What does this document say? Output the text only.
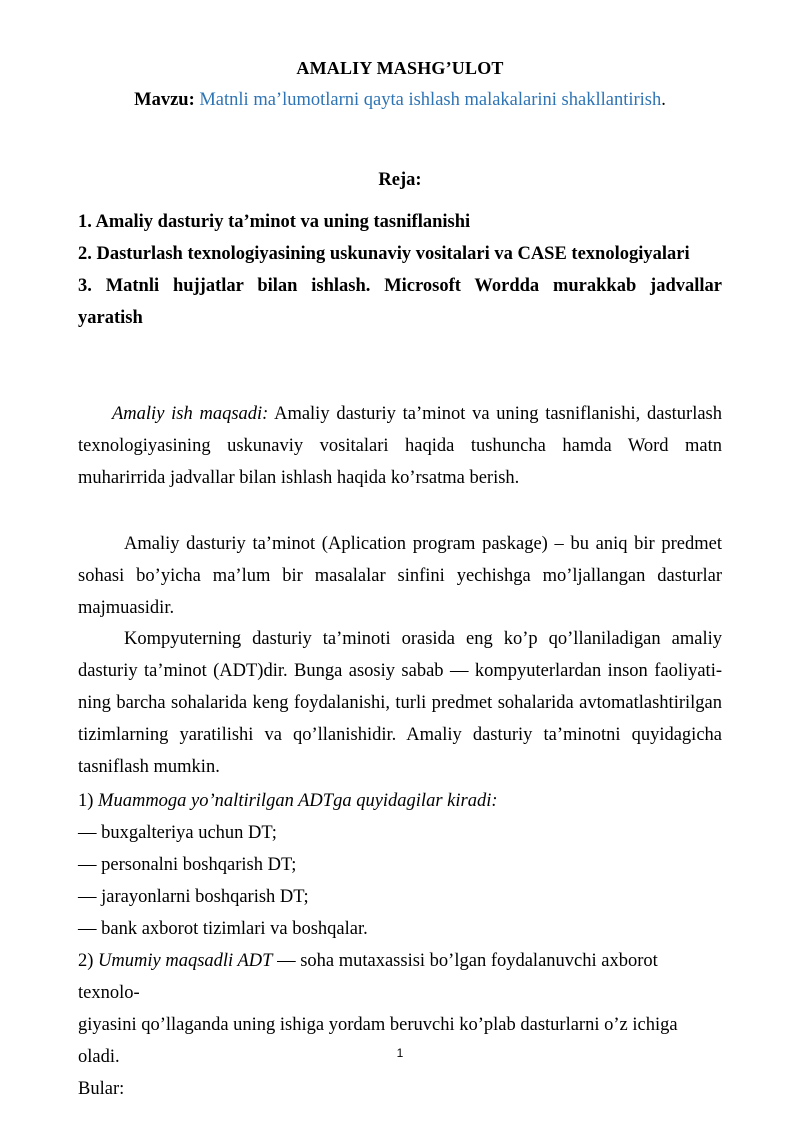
AMALIY MASHG’ULOT
Mavzu: Matnli ma’lumotlarni qayta ishlash malakalarini shakllantirish.
Reja:
1. Amaliy dasturiy ta’minot va uning tasniflanishi
2. Dasturlash texnologiyasining uskunaviy vositalari va CASE texnologiyalari
3. Matnli hujjatlar bilan ishlash. Microsoft Wordda murakkab jadvallar
yaratish
Amaliy ish maqsadi: Amaliy dasturiy ta’minot va uning tasniflanishi, dasturlash texnologiyasining uskunaviy vositalari haqida tushuncha hamda Word matn muharirrida jadvallar bilan ishlash haqida ko’rsatma berish.
Amaliy dasturiy ta’minot (Aplication program paskage) – bu aniq bir predmet sohasi bo’yicha ma’lum bir masalalar sinfini yechishga mo’ljallangan dasturlar majmuasidir.
Kompyuterning dasturiy ta’minoti orasida eng ko’p qo’llaniladigan amaliy
dasturiy ta’minot (ADT)dir. Bunga asosiy sabab — kompyuterlardan inson faoliyati-
ning barcha sohalarida keng foydalanishi, turli predmet sohalarida avtomatlashtirilgan
tizimlarning yaratilishi va qo’llanishidir. Amaliy dasturiy ta’minotni quyidagicha
tasniflash mumkin.
1) Muammoga yo’naltirilgan ADTga quyidagilar kiradi:
— buxgalteriya uchun DT;
— personalni boshqarish DT;
— jarayonlarni boshqarish DT;
— bank axborot tizimlari va boshqalar.
2) Umumiy maqsadli ADT — soha mutaxassisi bo’lgan foydalanuvchi axborot texnolo-
giyasini qo’llaganda uning ishiga yordam beruvchi ko’plab dasturlarni o’z ichiga oladi.
Bular:
1
